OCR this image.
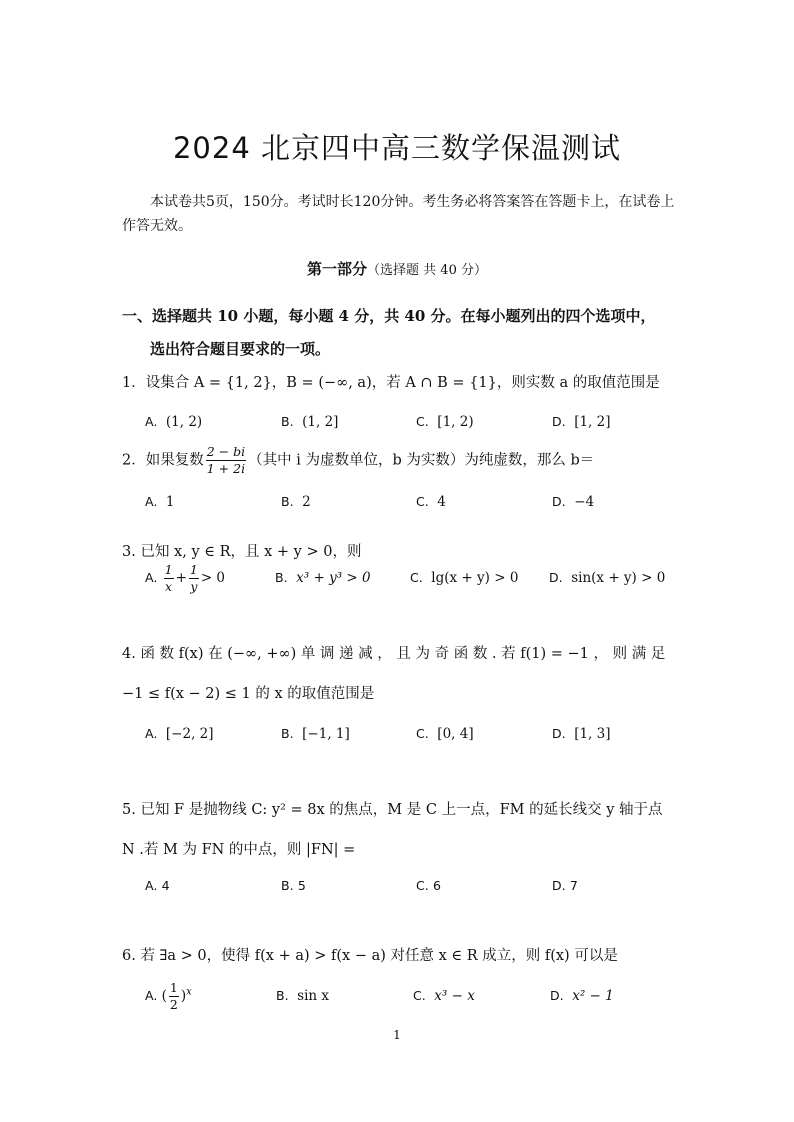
2024 北京四中高三数学保温测试
本试卷共5页，150分。考试时长120分钟。考生务必将答案答在答题卡上，在试卷上作答无效。
第一部分（选择题 共 40 分）
一、选择题共 10 小题，每小题 4 分，共 40 分。在每小题列出的四个选项中，
选出符合题目要求的一项。
1．设集合 A = {1, 2}，B = (−∞, a)，若 A ∩ B = {1}，则实数 a 的取值范围是
A. (1, 2)	B. (1, 2]	C. [1, 2)	D. [1, 2]
2．如果复数 $\frac{2 - bi}{1 + 2i}$ （其中 i 为虚数单位，b 为实数）为纯虚数，那么 b＝
A. 1	B. 2	C. 4	D. −4
3. 已知 x, y ∈ R，且 x + y > 0，则
A. $\frac{1}{x} + \frac{1}{y} > 0$	B. x³ + y³ > 0	C. lg(x + y) > 0 D. sin(x + y) > 0
4. 函 数 f(x) 在 (−∞, +∞) 单 调 递 减 ， 且 为 奇 函 数 . 若 f(1) = −1 ， 则 满 足
−1 ≤ f(x − 2) ≤ 1 的 x 的取值范围是
A. [−2, 2]	B. [−1, 1]	C. [0, 4]	D. [1, 3]
5. 已知 F 是抛物线 C: y² = 8x 的焦点，M 是 C 上一点，FM 的延长线交 y 轴于点
N .若 M 为 FN 的中点，则 |FN| =
A. 4	B. 5	C. 6	D. 7
6. 若 ∃a > 0，使得 f(x + a) > f(x − a) 对任意 x ∈ R 成立，则 f(x) 可以是
A. ( $\frac{1}{2} )^x$	B. sin x	C. x³ − x	D. x² − 1
1
